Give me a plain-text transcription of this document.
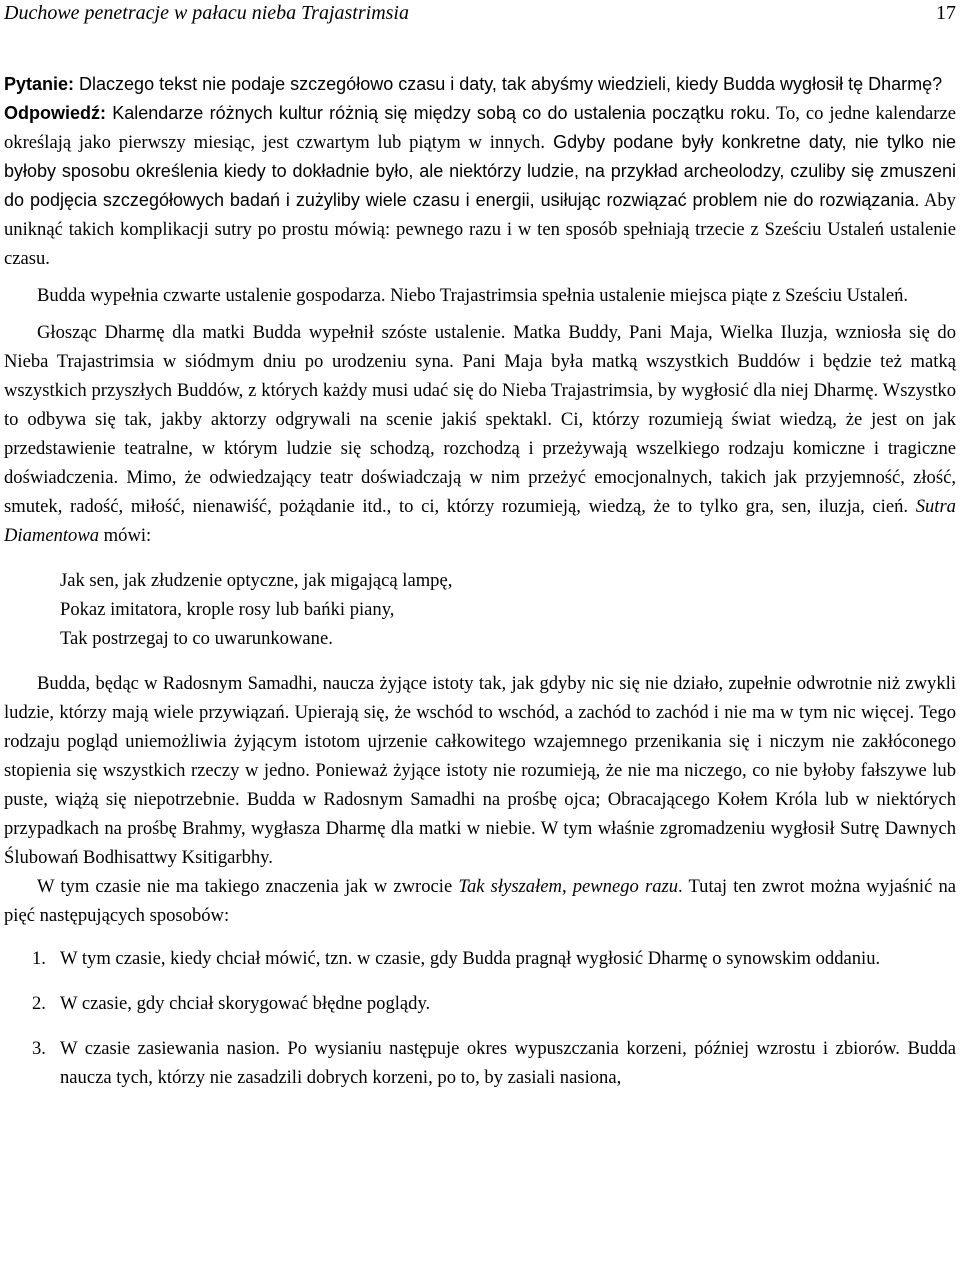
Duchowe penetracje w pałacu nieba Trajastrimsia	17

Pytanie: Dlaczego tekst nie podaje szczegółowo czasu i daty, tak abyśmy wiedzieli, kiedy Budda wygłosił tę Dharmę?

Odpowiedź: Kalendarze różnych kultur różnią się między sobą co do ustalenia początku roku. To, co jedne kalendarze określają jako pierwszy miesiąc, jest czwartym lub piątym w innych. Gdyby podane były konkretne daty, nie tylko nie byłoby sposobu określenia kiedy to dokładnie było, ale niektórzy ludzie, na przykład archeolodzy, czuliby się zmuszeni do podjęcia szczegółowych badań i zużyliby wiele czasu i energii, usiłując rozwiązać problem nie do rozwiązania. Aby uniknąć takich komplikacji sutry po prostu mówią: pewnego razu i w ten sposób spełniają trzecie z Sześciu Ustaleń ustalenie czasu.

Budda wypełnia czwarte ustalenie gospodarza. Niebo Trajastrimsia spełnia ustalenie miejsca piąte z Sześciu Ustaleń.

Głosząc Dharmę dla matki Budda wypełnił szóste ustalenie. Matka Buddy, Pani Maja, Wielka Iluzja, wzniosła się do Nieba Trajastrimsia w siódmym dniu po urodzeniu syna. Pani Maja była matką wszystkich Buddów i będzie też matką wszystkich przyszłych Buddów, z których każdy musi udać się do Nieba Trajastrimsia, by wygłosić dla niej Dharmę. Wszystko to odbywa się tak, jakby aktorzy odgrywali na scenie jakiś spektakl. Ci, którzy rozumieją świat wiedzą, że jest on jak przedstawienie teatralne, w którym ludzie się schodzą, rozchodzą i przeżywają wszelkiego rodzaju komiczne i tragiczne doświadczenia. Mimo, że odwiedzający teatr doświadczają w nim przeżyć emocjonalnych, takich jak przyjemność, złość, smutek, radość, miłość, nienawiść, pożądanie itd., to ci, którzy rozumieją, wiedzą, że to tylko gra, sen, iluzja, cień. Sutra Diamentowa mówi:

Jak sen, jak złudzenie optyczne, jak migającą lampę,
Pokaz imitatora, krople rosy lub bańki piany,
Tak postrzegaj to co uwarunkowane.

Budda, będąc w Radosnym Samadhi, naucza żyjące istoty tak, jak gdyby nic się nie działo, zupełnie odwrotnie niż zwykli ludzie, którzy mają wiele przywiązań. Upierają się, że wschód to wschód, a zachód to zachód i nie ma w tym nic więcej. Tego rodzaju pogląd uniemożliwia żyjącym istotom ujrzenie całkowitego wzajemnego przenikania się i niczym nie zakłóconego stopienia się wszystkich rzeczy w jedno. Ponieważ żyjące istoty nie rozumieją, że nie ma niczego, co nie byłoby fałszywe lub puste, wiążą się niepotrzebnie. Budda w Radosnym Samadhi na prośbę ojca; Obracającego Kołem Króla lub w niektórych przypadkach na prośbę Brahmy, wygłasza Dharmę dla matki w niebie. W tym właśnie zgromadzeniu wygłosił Sutrę Dawnych Ślubowań Bodhisattwy Ksitigarbhy.

W tym czasie nie ma takiego znaczenia jak w zwrocie Tak słyszałem, pewnego razu. Tutaj ten zwrot można wyjaśnić na pięć następujących sposobów:

1. W tym czasie, kiedy chciał mówić, tzn. w czasie, gdy Budda pragnął wygłosić Dharmę o synowskim oddaniu.
2. W czasie, gdy chciał skorygować błędne poglądy.
3. W czasie zasiewania nasion. Po wysianiu następuje okres wypuszczania korzeni, później wzrostu i zbiorów. Budda naucza tych, którzy nie zasadzili dobrych korzeni, po to, by zasiali nasiona,
